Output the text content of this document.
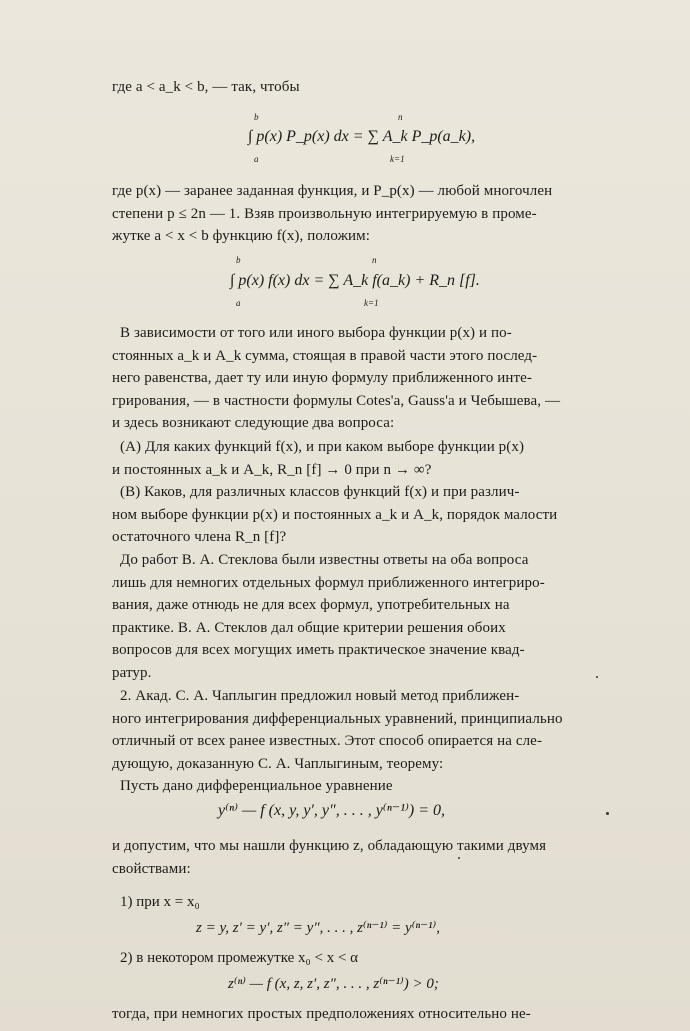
где a < a_k < b, — так, чтобы
b
∫ p(x) P_p(x) dx = ∑ A_k P_p(a_k),
n
a	k=1
где p(x) — заранее заданная функция, и P_p(x) — любой многочлен
степени p ≤ 2n — 1. Взяв произвольную интегрируемую в проме-
жутке a < x < b функцию f(x), положим:
b
∫ p(x) f(x) dx = ∑ A_k f(a_k) + R_n [f].
n
a	k=1
В зависимости от того или иного выбора функции p(x) и по-
стоянных a_k и A_k сумма, стоящая в правой части этого послед-
него равенства, дает ту или иную формулу приближенного инте-
грирования, — в частности формулы Cotes'a, Gauss'a и Чебышева, —
и здесь возникают следующие два вопроса:
(A) Для каких функций f(x), и при каком выборе функции p(x)
и постоянных a_k и A_k, R_n [f] → 0 при n → ∞?
(B) Каков, для различных классов функций f(x) и при различ-
ном выборе функции p(x) и постоянных a_k и A_k, порядок малости
остаточного члена R_n [f]?
До работ В. А. Стеклова были известны ответы на оба вопроса
лишь для немногих отдельных формул приближенного интегриро-
вания, даже отнюдь не для всех формул, употребительных на
практике. В. А. Стеклов дал общие критерии решения обоих
вопросов для всех могущих иметь практическое значение квад-
ратур.
2. Акад. С. А. Чаплыгин предложил новый метод приближен-
ного интегрирования дифференциальных уравнений, принципиально
отличный от всех ранее известных. Этот способ опирается на сле-
дующую, доказанную С. А. Чаплыгиным, теорему:
Пусть дано дифференциальное уравнение
y⁽ⁿ⁾ — f (x, y, y′, y″, . . . , y⁽ⁿ⁻¹⁾) = 0,
и допустим, что мы нашли функцию z, обладающую такими двумя
свойствами:
1) при x = x₀
z = y, z′ = y′, z″ = y″, . . . , z⁽ⁿ⁻¹⁾ = y⁽ⁿ⁻¹⁾,
2) в некотором промежутке x₀ < x < α
z⁽ⁿ⁾ — f (x, z, z′, z″, . . . , z⁽ⁿ⁻¹⁾) > 0;
тогда, при немногих простых предположениях относительно не-
